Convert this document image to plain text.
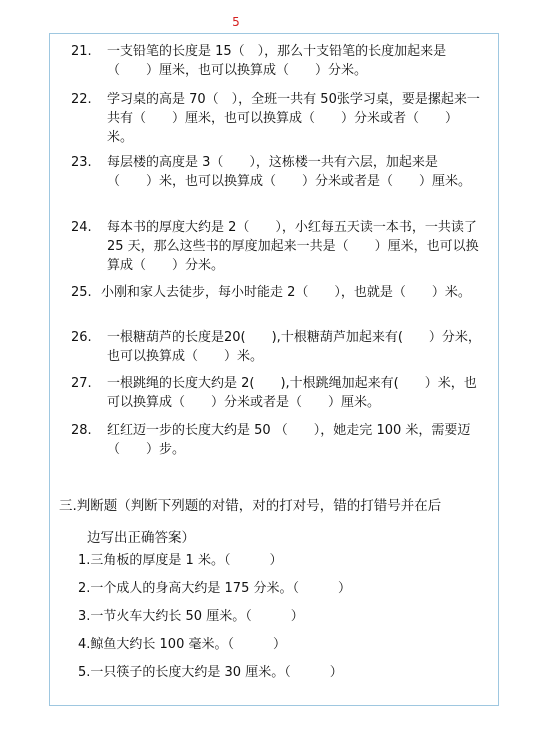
5
21.	一支铅笔的长度是 15（　），那么十支铅笔的长度加起来是（　　）厘米，也可以换算成（　　）分米。
22.	学习桌的高是 70（　），全班一共有 50张学习桌，要是摞起来一共有（　　）厘米，也可以换算成（　　）分米或者（　　）米。
23.	每层楼的高度是 3（　　），这栋楼一共有六层，加起来是（　　）米，也可以换算成（　　）分米或者是（　　）厘米。
24.	每本书的厚度大约是 2（　　），小红每五天读一本书，一共读了 25 天，那么这些书的厚度加起来一共是（　　）厘米，也可以换算成（　　）分米。
25. 小刚和家人去徒步，每小时能走 2（　　），也就是（　　）米。
26.	一根糖葫芦的长度是20(　　),十根糖葫芦加起来有(　　）分米，也可以换算成（　　）米。
27.	一根跳绳的长度大约是 2(　　),十根跳绳加起来有(　　）米，也可以换算成（　　）分米或者是（　　）厘米。
28.	红红迈一步的长度大约是 50 （　　），她走完 100 米，需要迈（　　）步。
三.判断题（判断下列题的对错，对的打对号，错的打错号并在后
边写出正确答案）
1.三角板的厚度是 1 米。（　　　）
2.一个成人的身高大约是 175 分米。（　　　）
3.一节火车大约长 50 厘米。（　　　）
4.鲸鱼大约长 100 毫米。（　　　）
5.一只筷子的长度大约是 30 厘米。（　　　）
